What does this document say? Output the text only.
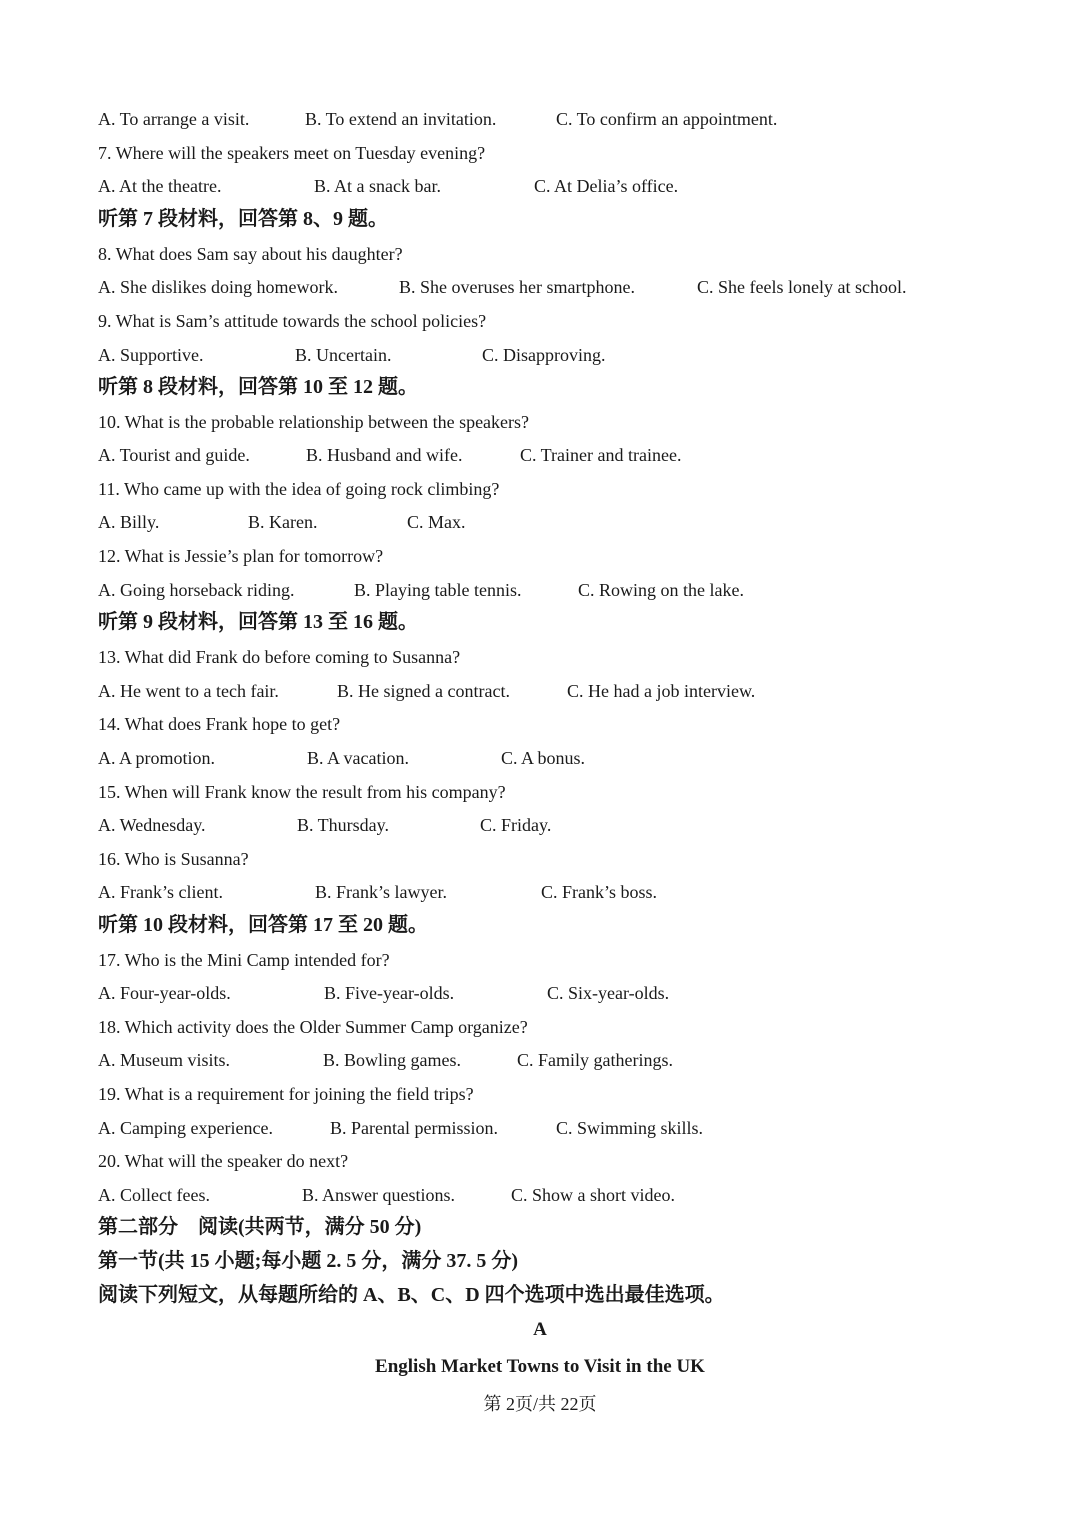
A. To arrange a visit.	B. To extend an invitation.	C. To confirm an appointment.
7. Where will the speakers meet on Tuesday evening?
A. At the theatre.	B. At a snack bar.	C. At Delia’s office.
听第 7 段材料，回答第 8、9 题。
8. What does Sam say about his daughter?
A. She dislikes doing homework.	B. She overuses her smartphone.	C. She feels lonely at school.
9. What is Sam’s attitude towards the school policies?
A. Supportive.	B. Uncertain.	C. Disapproving.
听第 8 段材料，回答第 10 至 12 题。
10. What is the probable relationship between the speakers?
A. Tourist and guide.	B. Husband and wife.	C. Trainer and trainee.
11. Who came up with the idea of going rock climbing?
A. Billy.	B. Karen.	C. Max.
12. What is Jessie’s plan for tomorrow?
A. Going horseback riding.	B. Playing table tennis.	C. Rowing on the lake.
听第 9 段材料，回答第 13 至 16 题。
13. What did Frank do before coming to Susanna?
A. He went to a tech fair.	B. He signed a contract.	C. He had a job interview.
14. What does Frank hope to get?
A. A promotion.	B. A vacation.	C. A bonus.
15. When will Frank know the result from his company?
A. Wednesday.	B. Thursday.	C. Friday.
16. Who is Susanna?
A. Frank’s client.	B. Frank’s lawyer.	C. Frank’s boss.
听第 10 段材料，回答第 17 至 20 题。
17. Who is the Mini Camp intended for?
A. Four-year-olds.	B. Five-year-olds.	C. Six-year-olds.
18. Which activity does the Older Summer Camp organize?
A. Museum visits.	B. Bowling games.	C. Family gatherings.
19. What is a requirement for joining the field trips?
A. Camping experience.	B. Parental permission.	C. Swimming skills.
20. What will the speaker do next?
A. Collect fees.	B. Answer questions.	C. Show a short video.
第二部分　阅读(共两节，满分 50 分)
第一节(共 15 小题;每小题 2. 5 分，满分 37. 5 分)
阅读下列短文，从每题所给的 A、B、C、D 四个选项中选出最佳选项。
A
English Market Towns to Visit in the UK
第 2页/共 22页
